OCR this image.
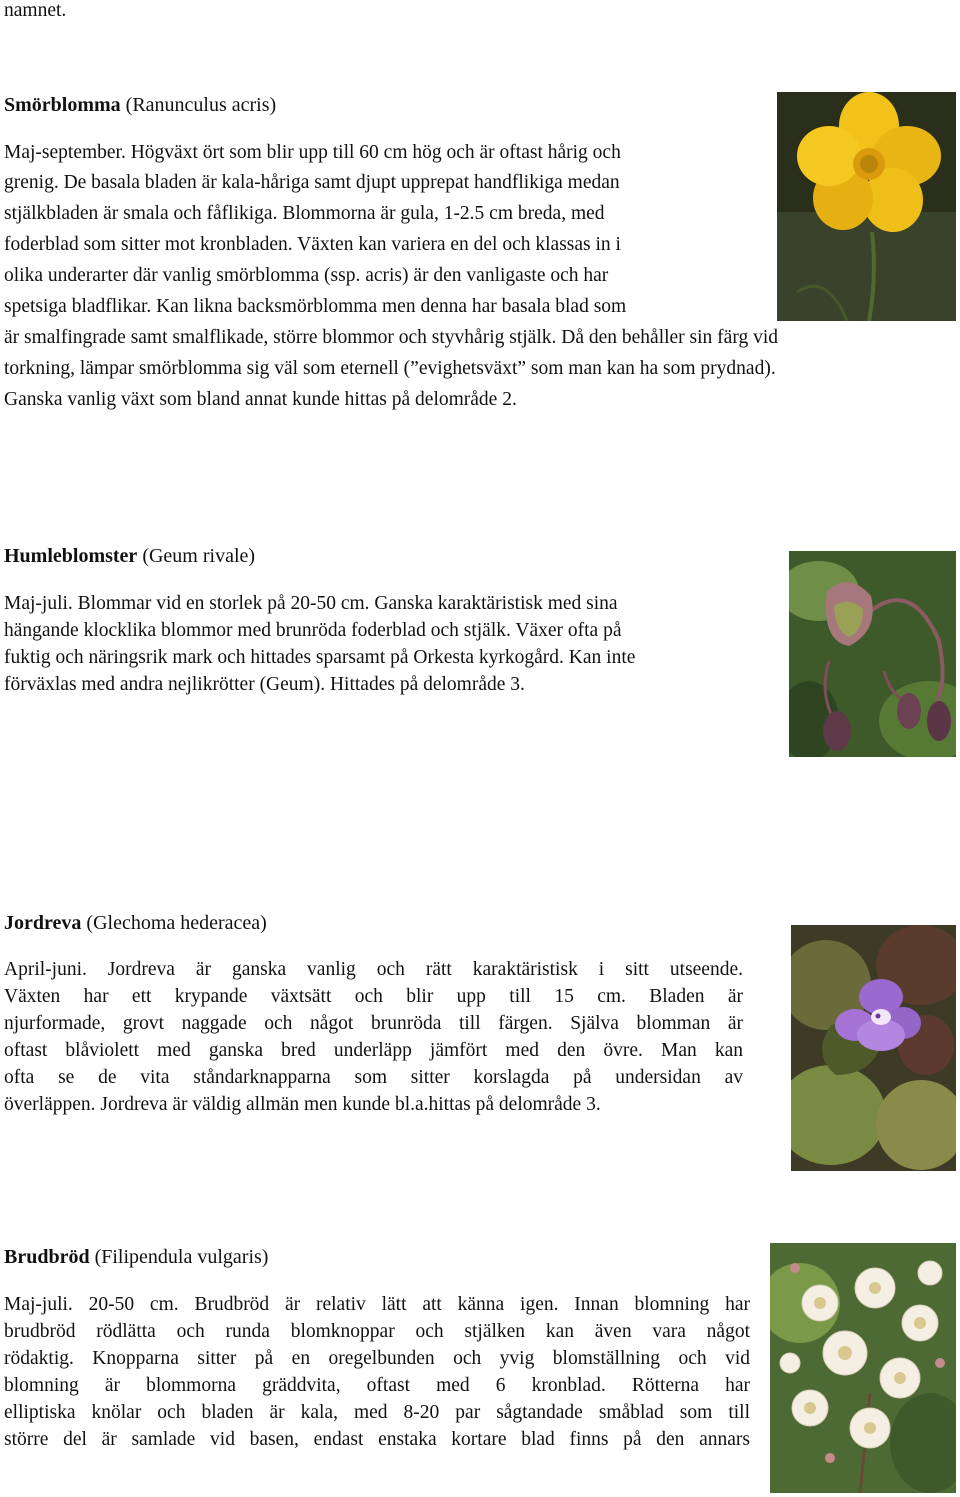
namnet.
Smörblomma (Ranunculus acris)
Maj-september. Högväxt ört som blir upp till 60 cm hög och är oftast hårig och
grenig. De basala bladen är kala-håriga samt djupt upprepat handflikiga medan
stjälkbladen är smala och fåflikiga. Blommorna är gula, 1-2.5 cm breda, med
foderblad som sitter mot kronbladen. Växten kan variera en del och klassas in i
olika underarter där vanlig smörblomma (ssp. acris) är den vanligaste och har
spetsiga bladflikar. Kan likna backsmörblomma men denna har basala blad som
är smalfingrade samt smalflikade, större blommor och styvhårig stjälk. Då den behåller sin färg vid
torkning, lämpar smörblomma sig väl som eternell (”evighetsväxt” som man kan ha som prydnad).
Ganska vanlig växt som bland annat kunde hittas på delområde 2.
Humleblomster (Geum rivale)
Maj-juli. Blommar vid en storlek på 20-50 cm. Ganska karaktäristisk med sina
hängande klocklika blommor med brunröda foderblad och stjälk. Växer ofta på
fuktig och näringsrik mark och hittades sparsamt på Orkesta kyrkogård. Kan inte
förväxlas med andra nejlikrötter (Geum). Hittades på delområde 3.
Jordreva (Glechoma hederacea)
April-juni. Jordreva är ganska vanlig och rätt karaktäristisk i sitt utseende.
Växten har ett krypande växtsätt och blir upp till 15 cm. Bladen är
njurformade, grovt naggade och något brunröda till färgen. Själva blomman är
oftast blåviolett med ganska bred underläpp jämfört med den övre. Man kan
ofta se de vita ståndarknapparna som sitter korslagda på undersidan av
överläppen. Jordreva är väldig allmän men kunde bl.a.hittas på delområde 3.
Brudbröd (Filipendula vulgaris)
Maj-juli. 20-50 cm. Brudbröd är relativ lätt att känna igen. Innan blomning har
brudbröd rödlätta och runda blomknoppar och stjälken kan även vara något
rödaktig. Knopparna sitter på en oregelbunden och yvig blomställning och vid
blomning är blommorna gräddvita, oftast med 6 kronblad. Rötterna har
elliptiska knölar och bladen är kala, med 8-20 par sågtandade småblad som till
större del är samlade vid basen, endast enstaka kortare blad finns på den annars
